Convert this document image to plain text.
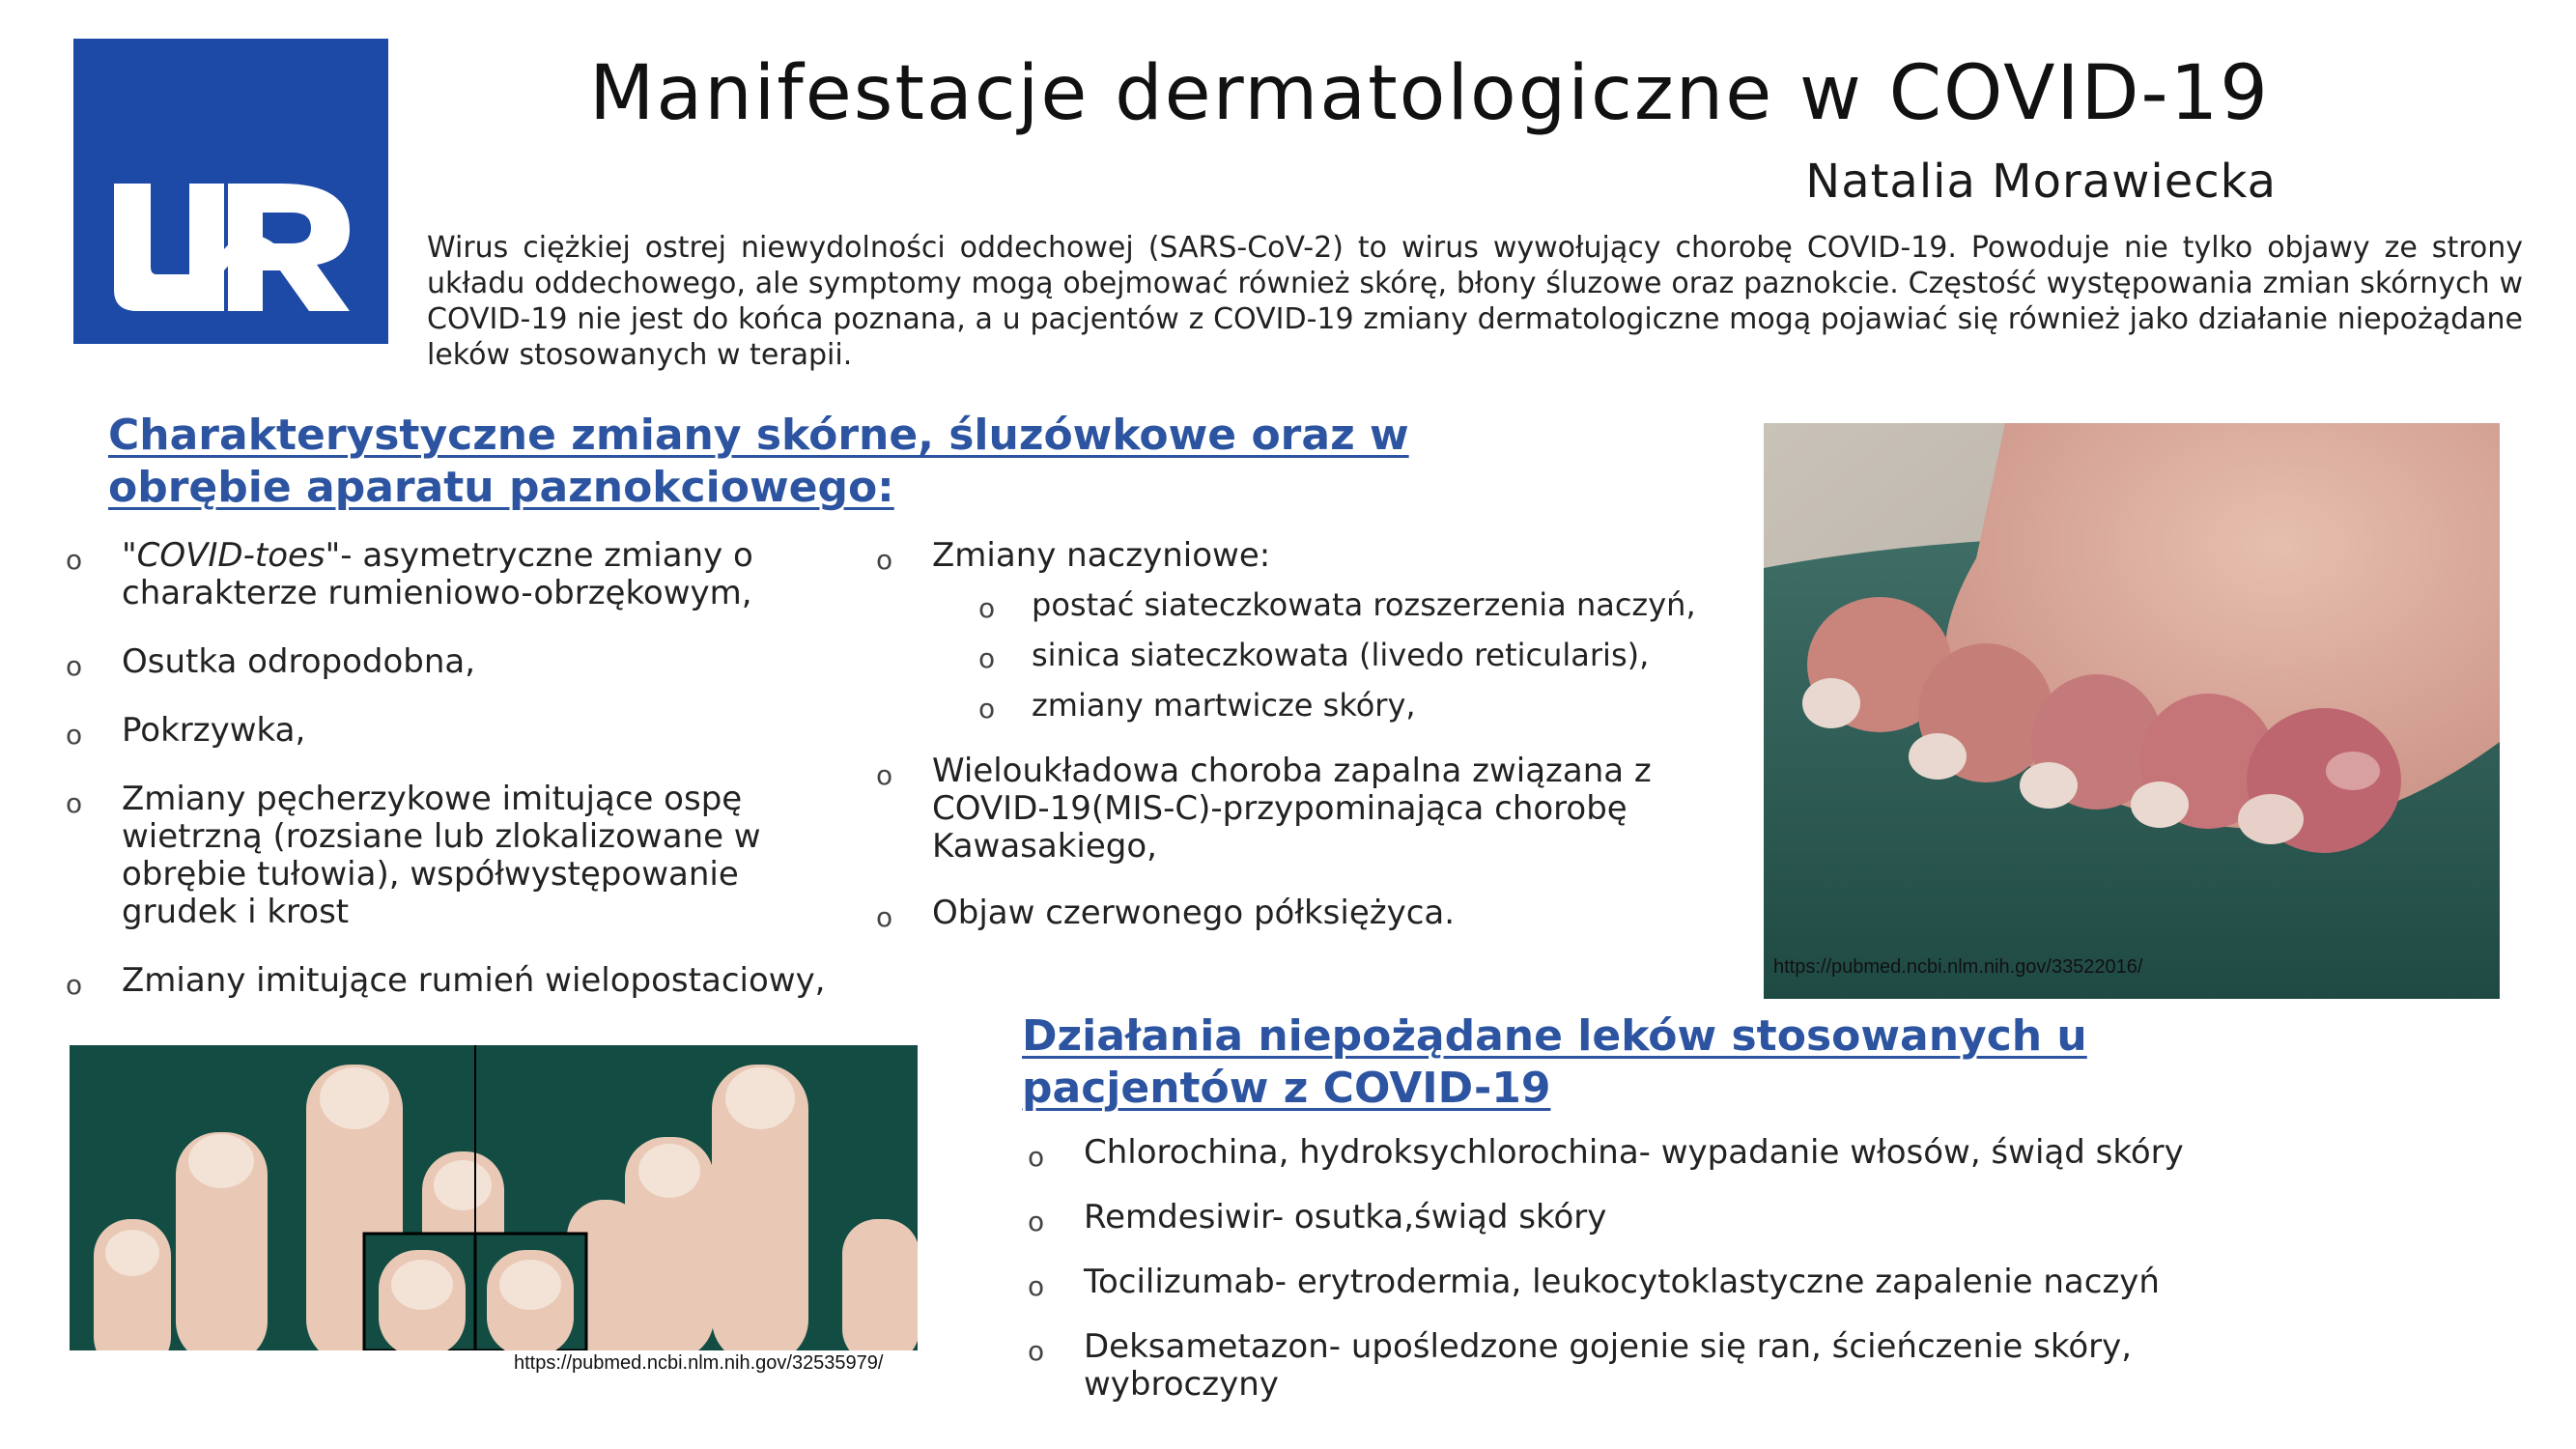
Manifestacje dermatologiczne w COVID-19
Natalia Morawiecka

Wirus ciężkiej ostrej niewydolności oddechowej (SARS-CoV-2) to wirus wywołujący chorobę COVID-19. Powoduje nie tylko objawy ze strony układu oddechowego, ale symptomy mogą obejmować również skórę, błony śluzowe oraz paznokcie. Częstość występowania zmian skórnych w COVID-19 nie jest do końca poznana, a u pacjentów z COVID-19 zmiany dermatologiczne mogą pojawiać się również jako działanie niepożądane leków stosowanych w terapii.

Charakterystyczne zmiany skórne, śluzówkowe oraz w obrębie aparatu paznokciowego:
o "COVID-toes"- asymetryczne zmiany o charakterze rumieniowo-obrzękowym,
o Osutka odropodobna,
o Pokrzywka,
o Zmiany pęcherzykowe imitujące ospę wietrzną (rozsiane lub zlokalizowane w obrębie tułowia), współwystępowanie grudek i krost
o Zmiany imitujące rumień wielopostaciowy,
o Zmiany naczyniowe:
o postać siateczkowata rozszerzenia naczyń,
o sinica siateczkowata (livedo reticularis),
o zmiany martwicze skóry,
o Wieloukładowa choroba zapalna związana z COVID-19(MIS-C)-przypominająca chorobę Kawasakiego,
o Objaw czerwonego półksiężyca.
https://pubmed.ncbi.nlm.nih.gov/33522016/
https://pubmed.ncbi.nlm.nih.gov/32535979/
Działania niepożądane leków stosowanych u pacjentów z COVID-19
o Chlorochina, hydroksychlorochina- wypadanie włosów, świąd skóry
o Remdesiwir- osutka,świąd skóry
o Tocilizumab- erytrodermia, leukocytoklastyczne zapalenie naczyń
o Deksametazon- upośledzone gojenie się ran, ścieńczenie skóry, wybroczyny
